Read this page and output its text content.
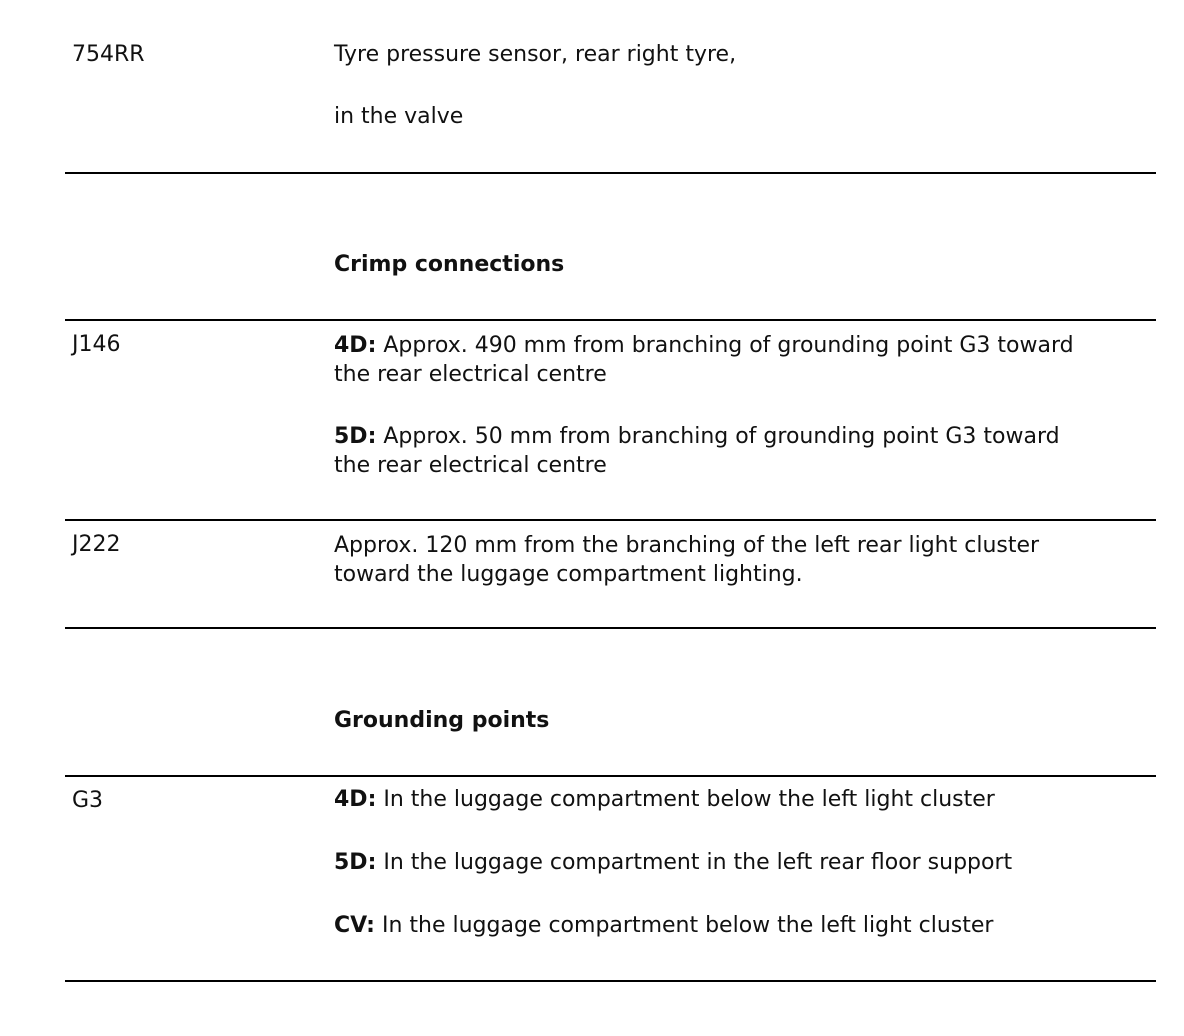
754RR	Tyre pressure sensor, rear right tyre,
in the valve
Crimp connections
J146	4D: Approx. 490 mm from branching of grounding point G3 toward
the rear electrical centre
5D: Approx. 50 mm from branching of grounding point G3 toward
the rear electrical centre
J222	Approx. 120 mm from the branching of the left rear light cluster
toward the luggage compartment lighting.
Grounding points
G3	4D: In the luggage compartment below the left light cluster
5D: In the luggage compartment in the left rear floor support
CV: In the luggage compartment below the left light cluster
